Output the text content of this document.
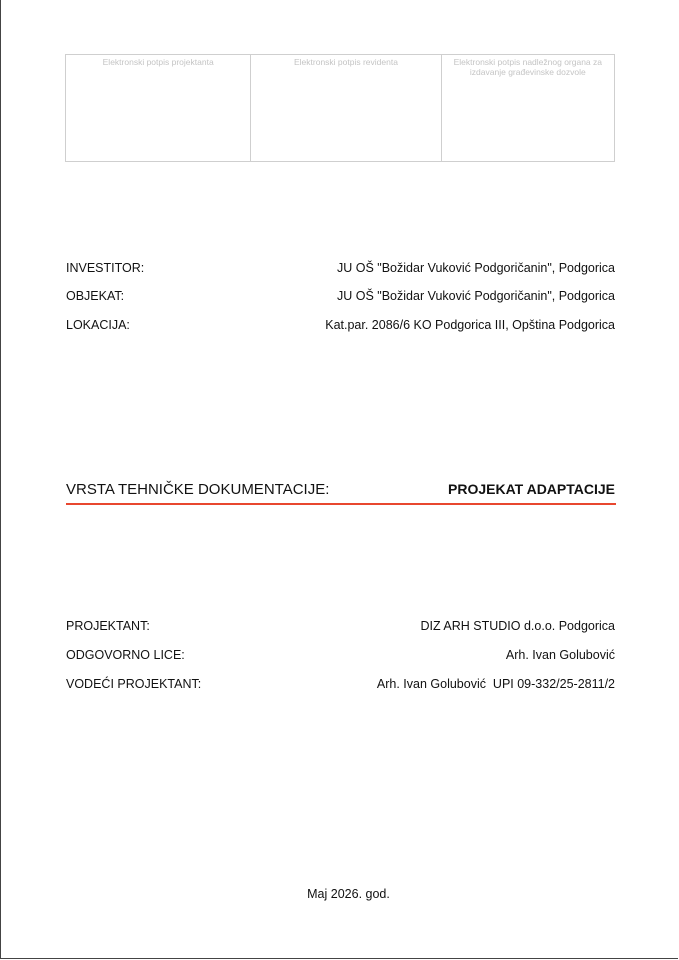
Elektronski potpis projektanta	Elektronski potpis revidenta	Elektronski potpis nadležnog organa za izdavanje građevinske dozvole
INVESTITOR:	JU OŠ "Božidar Vuković Podgoričanin", Podgorica
OBJEKAT:	JU OŠ "Božidar Vuković Podgoričanin", Podgorica
LOKACIJA:	Kat.par. 2086/6 KO Podgorica III, Opština Podgorica
VRSTA TEHNIČKE DOKUMENTACIJE:	PROJEKAT ADAPTACIJE
PROJEKTANT:	DIZ ARH STUDIO d.o.o. Podgorica
ODGOVORNO LICE:	Arh. Ivan Golubović
VODEĆI PROJEKTANT:	Arh. Ivan Golubović  UPI 09-332/25-2811/2
Maj 2026. god.
